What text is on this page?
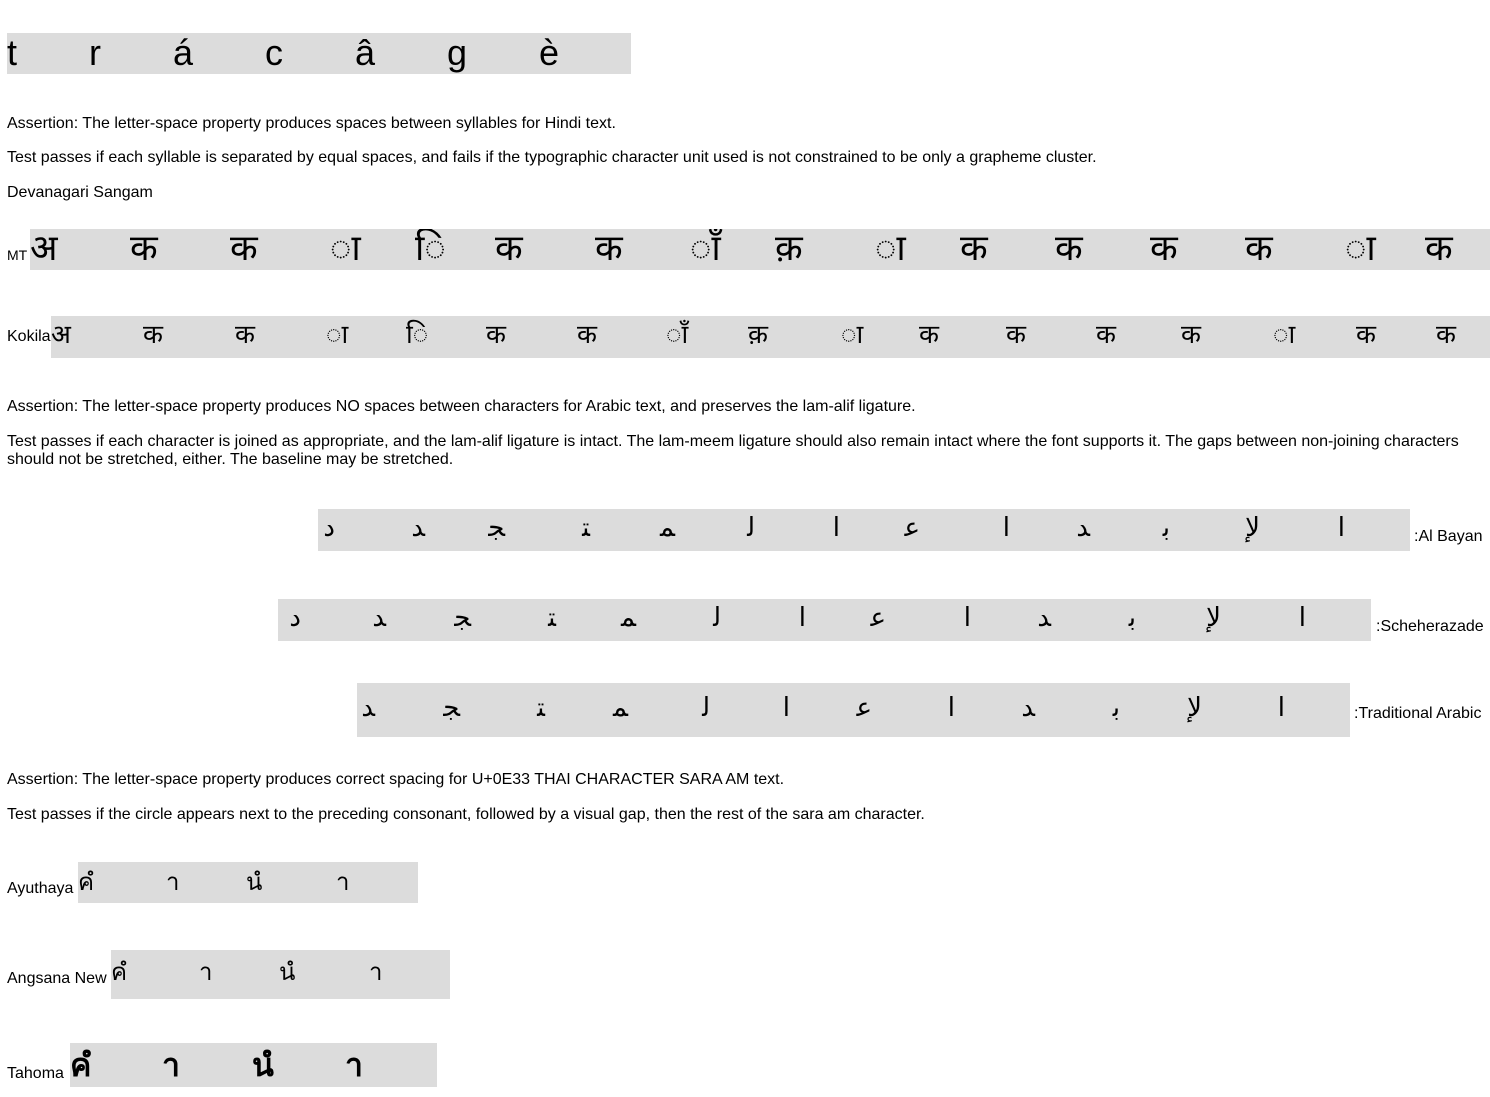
t r á c â g è
Assertion: The letter-space property produces spaces between syllables for Hindi text.
Test passes if each syllable is separated by equal spaces, and fails if the typographic character unit used is not constrained to be only a grapheme cluster.
Devanagari Sangam
MT अ क क ा ि क क ाँ क़ ा क क क क ा क
Kokila अ	क	क	ा ि क	क	ाँ क़	ा क	क	क	क	ा क क
Assertion: The letter-space property produces NO spaces between characters for Arabic text, and preserves the lam-alif ligature.
Test passes if each character is joined as appropriate, and the lam-alif ligature is intact. The lam-meem ligature should also remain intact where the font supports it. The gaps between non-joining characters should not be stretched, either. The baseline may be stretched.
ا
لإ
ﺑ
ﺪ
ا
ﻋ
ا
ﻟ
ﻤ
ﺘ
ﺠ
ﺪ
د	:Al Bayan
ا
لإ
ﺑ
ﺪ
ا
ﻋ
ا
ﻟ
ﻤ
ﺘ
ﺠ
ﺪ
د	:Scheherazade
ا
لإ
ﺑ
ﺪ
ا
ﻋ
ا
ﻟ
ﻤ
ﺘ
ﺠ
ﺪ	:Traditional Arabic
Assertion: The letter-space property produces correct spacing for U+0E33 THAI CHARACTER SARA AM text.
Test passes if the circle appears next to the preceding consonant, followed by a visual gap, then the rest of the sara am character.
Ayuthaya คํ	า	นํ	า
Angsana New คํ	า	นํ	า
Tahoma คํ า นํ า
